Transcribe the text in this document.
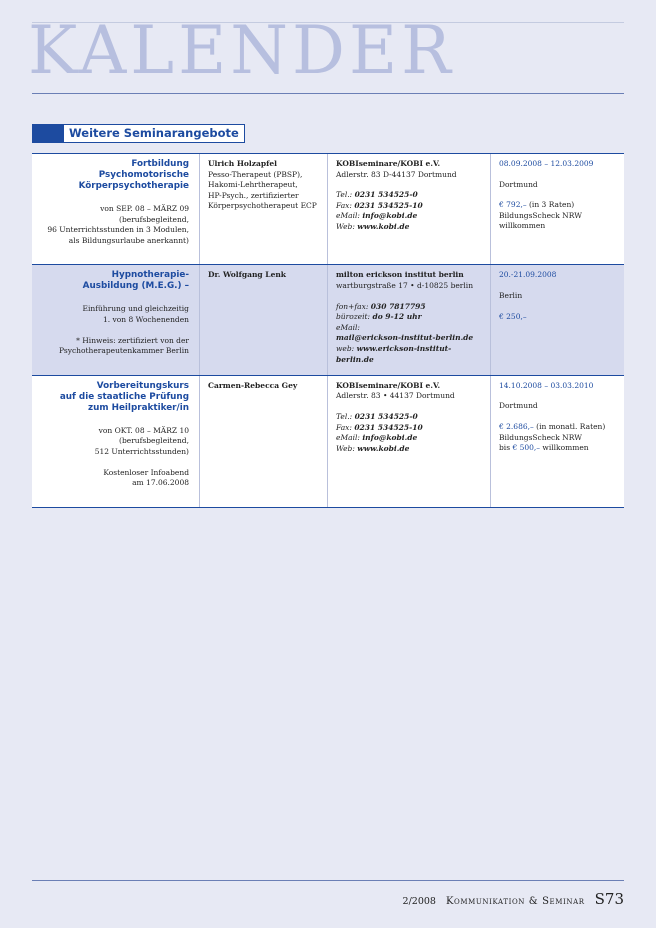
KALENDER
Weitere Seminarangebote
Fortbildung
Psychomotorische
Körperpsychotherapie
von SEP. 08 – MÄRZ 09
(berufsbegleitend,
96 Unterrichtsstunden in 3 Modulen,
als Bildungsurlaube anerkannt)
Ulrich Holzapfel
Pesso-Therapeut (PBSP),
Hakomi-Lehrtherapeut,
HP-Psych., zertifizierter
Körperpsychotherapeut ECP
KOBIseminare/KOBI e.V.
Adlerstr. 83 D-44137 Dortmund
Tel.: 0231 534525-0
Fax: 0231 534525-10
eMail: info@kobi.de
Web: www.kobi.de
08.09.2008 – 12.03.2009
Dortmund
€ 792,– (in 3 Raten)
BildungsScheck NRW
willkommen
Hypnotherapie-
Ausbildung (M.E.G.) –
Einführung und gleichzeitig
1. von 8 Wochenenden
* Hinweis: zertifiziert von der
Psychotherapeutenkammer Berlin
Dr. Wolfgang Lenk	milton erickson institut berlin
wartburgstraße 17 • d-10825 berlin
fon+fax: 030 7817795
bürozeit: do 9-12 uhr
eMail:
mail@erickson-institut-berlin.de
web: www.erickson-institut-berlin.de
20.-21.09.2008
Berlin
€ 250,–
Vorbereitungskurs
auf die staatliche Prüfung
zum Heilpraktiker/in
von OKT. 08 – MÄRZ 10
(berufsbegleitend,
512 Unterrichtsstunden)
Kostenloser Infoabend
am 17.06.2008
Carmen-Rebecca Gey	KOBIseminare/KOBI e.V.
Adlerstr. 83 • 44137 Dortmund
Tel.: 0231 534525-0
Fax: 0231 534525-10
eMail: info@kobi.de
Web: www.kobi.de
14.10.2008 – 03.03.2010
Dortmund
€ 2.686,– (in monatl. Raten)
BildungsScheck NRW
bis € 500,– willkommen
2/2008 Kommunikation & Seminar S73
